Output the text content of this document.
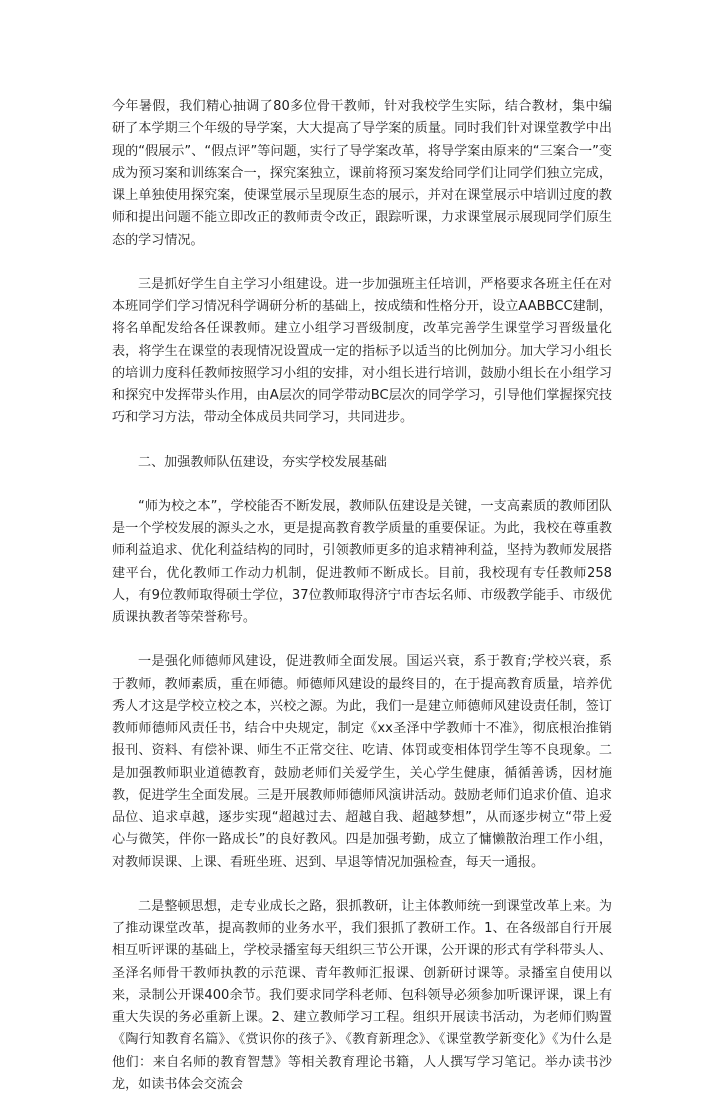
今年暑假，我们精心抽调了80多位骨干教师，针对我校学生实际，结合教材，集中编研了本学期三个年级的导学案，大大提高了导学案的质量。同时我们针对课堂教学中出现的“假展示”、“假点评”等问题，实行了导学案改革，将导学案由原来的“三案合一”变成为预习案和训练案合一，探究案独立，课前将预习案发给同学们让同学们独立完成，课上单独使用探究案，使课堂展示呈现原生态的展示，并对在课堂展示中培训过度的教师和提出问题不能立即改正的教师责令改正，跟踪听课，力求课堂展示展现同学们原生态的学习情况。

三是抓好学生自主学习小组建设。进一步加强班主任培训，严格要求各班主任在对本班同学们学习情况科学调研分析的基础上，按成绩和性格分开，设立AABBCC建制，将名单配发给各任课教师。建立小组学习晋级制度，改革完善学生课堂学习晋级量化表，将学生在课堂的表现情况设置成一定的指标予以适当的比例加分。加大学习小组长的培训力度科任教师按照学习小组的安排，对小组长进行培训，鼓励小组长在小组学习和探究中发挥带头作用，由A层次的同学带动BC层次的同学学习，引导他们掌握探究技巧和学习方法，带动全体成员共同学习，共同进步。

二、加强教师队伍建设，夯实学校发展基础

“师为校之本”，学校能否不断发展，教师队伍建设是关键，一支高素质的教师团队是一个学校发展的源头之水，更是提高教育教学质量的重要保证。为此，我校在尊重教师利益追求、优化利益结构的同时，引领教师更多的追求精神利益，坚持为教师发展搭建平台，优化教师工作动力机制，促进教师不断成长。目前，我校现有专任教师258人，有9位教师取得硕士学位，37位教师取得济宁市杏坛名师、市级教学能手、市级优质课执教者等荣誉称号。

一是强化师德师风建设，促进教师全面发展。国运兴衰，系于教育;学校兴衰，系于教师，教师素质，重在师德。师德师风建设的最终目的，在于提高教育质量，培养优秀人才这是学校立校之本，兴校之源。为此，我们一是建立师德师风建设责任制，签订教师师德师风责任书，结合中央规定，制定《xx圣泽中学教师十不准》，彻底根治推销报刊、资料、有偿补课、师生不正常交往、吃请、体罚或变相体罚学生等不良现象。二是加强教师职业道德教育，鼓励老师们关爱学生，关心学生健康，循循善诱，因材施教，促进学生全面发展。三是开展教师师德师风演讲活动。鼓励老师们追求价值、追求品位、追求卓越，逐步实现“超越过去、超越自我、超越梦想”，从而逐步树立“带上爱心与微笑，伴你一路成长”的良好教风。四是加强考勤，成立了慵懒散治理工作小组，对教师误课、上课、看班坐班、迟到、早退等情况加强检查，每天一通报。

二是整顿思想，走专业成长之路，狠抓教研，让主体教师统一到课堂改革上来。为了推动课堂改革，提高教师的业务水平，我们狠抓了教研工作。1、在各级部自行开展相互听评课的基础上，学校录播室每天组织三节公开课，公开课的形式有学科带头人、圣泽名师骨干教师执教的示范课、青年教师汇报课、创新研讨课等。录播室自使用以来，录制公开课400余节。我们要求同学科老师、包科领导必须参加听课评课，课上有重大失误的务必重新上课。2、建立教师学习工程。组织开展读书活动，为老师们购置《陶行知教育名篇》、《赏识你的孩子》、《教育新理念》、《课堂教学新变化》《为什么是他们：来自名师的教育智慧》等相关教育理论书籍，人人撰写学习笔记。举办读书沙龙，如读书体会交流会
